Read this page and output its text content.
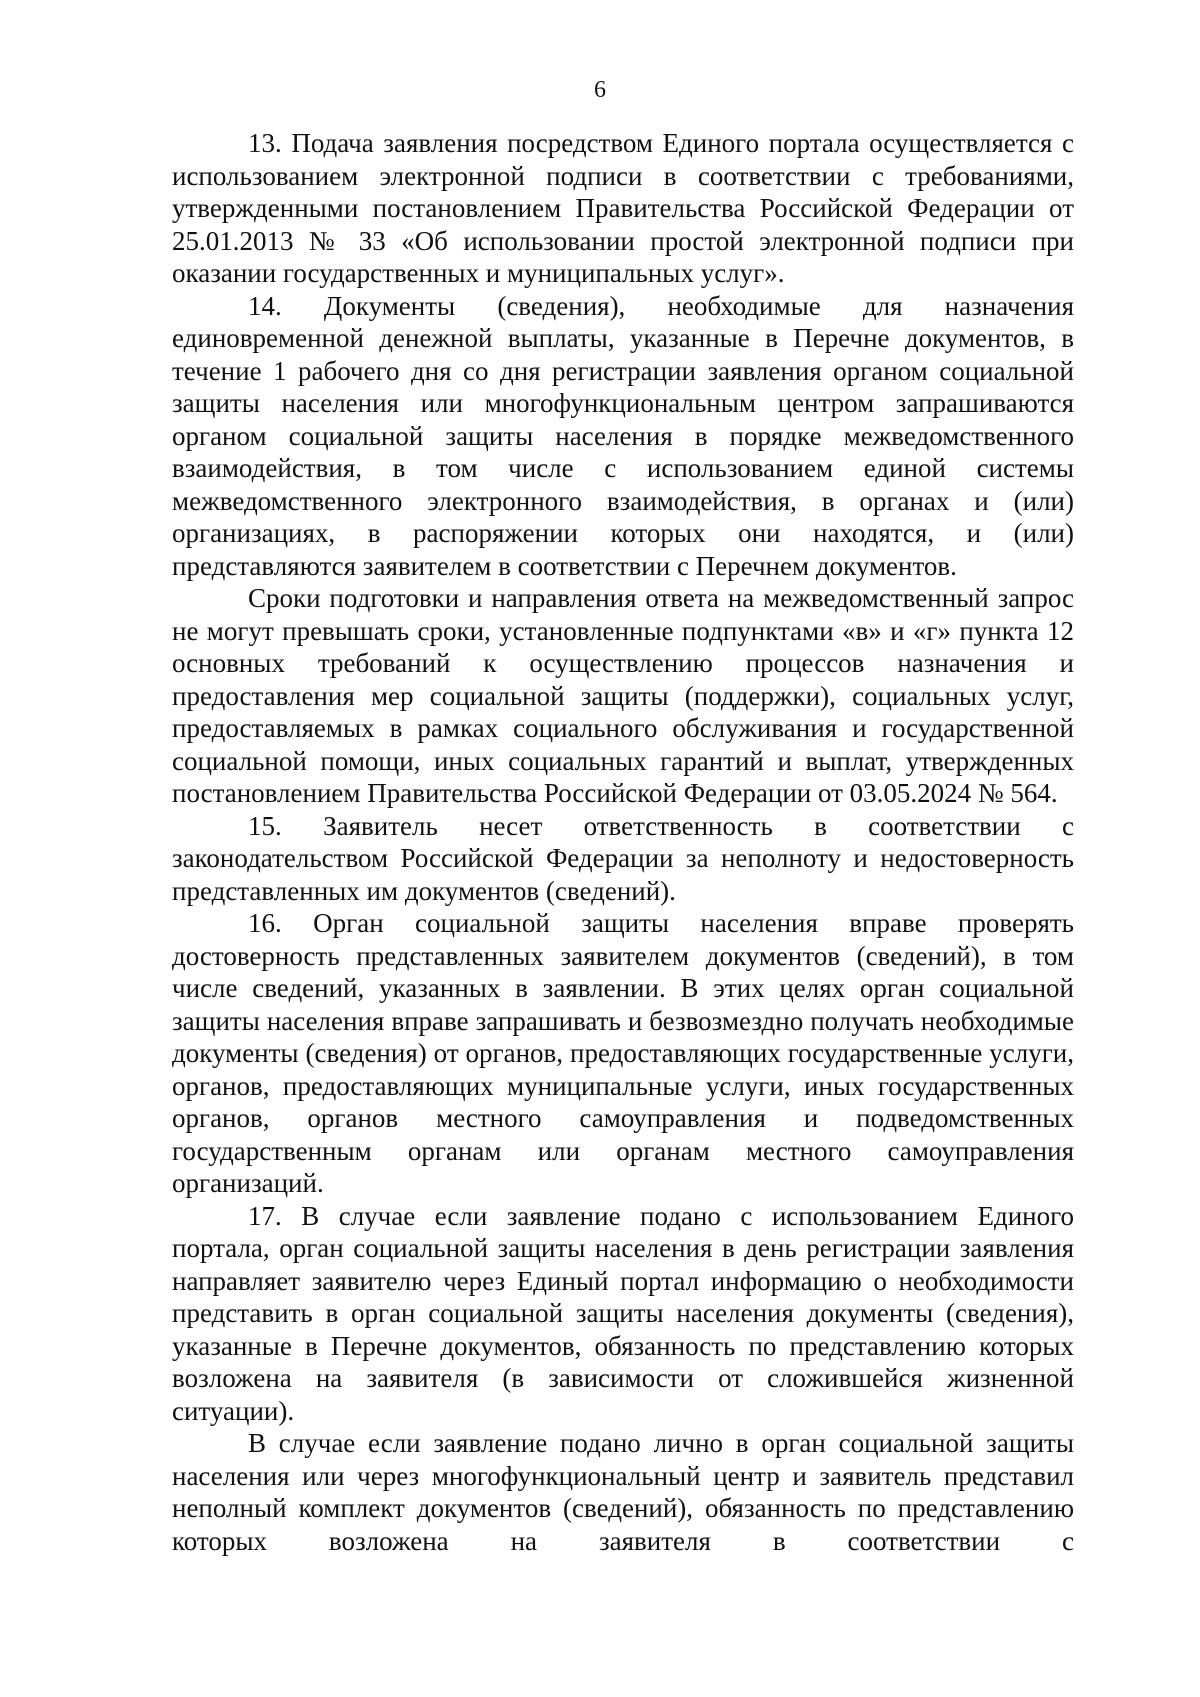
6

13. Подача заявления посредством Единого портала осуществляется с использованием электронной подписи в соответствии с требованиями, утвержденными постановлением Правительства Российской Федерации от 25.01.2013 № 33 «Об использовании простой электронной подписи при оказании государственных и муниципальных услуг».

14. Документы (сведения), необходимые для назначения единовременной денежной выплаты, указанные в Перечне документов, в течение 1 рабочего дня со дня регистрации заявления органом социальной защиты населения или многофункциональным центром запрашиваются органом социальной защиты населения в порядке межведомственного взаимодействия, в том числе с использованием единой системы межведомственного электронного взаимодействия, в органах и (или) организациях, в распоряжении которых они находятся, и (или) представляются заявителем в соответствии с Перечнем документов.

Сроки подготовки и направления ответа на межведомственный запрос не могут превышать сроки, установленные подпунктами «в» и «г» пункта 12 основных требований к осуществлению процессов назначения и предоставления мер социальной защиты (поддержки), социальных услуг, предоставляемых в рамках социального обслуживания и государственной социальной помощи, иных социальных гарантий и выплат, утвержденных постановлением Правительства Российской Федерации от 03.05.2024 № 564.

15. Заявитель несет ответственность в соответствии с законодательством Российской Федерации за неполноту и недостоверность представленных им документов (сведений).

16. Орган социальной защиты населения вправе проверять достоверность представленных заявителем документов (сведений), в том числе сведений, указанных в заявлении. В этих целях орган социальной защиты населения вправе запрашивать и безвозмездно получать необходимые документы (сведения) от органов, предоставляющих государственные услуги, органов, предоставляющих муниципальные услуги, иных государственных органов, органов местного самоуправления и подведомственных государственным органам или органам местного самоуправления организаций.

17. В случае если заявление подано с использованием Единого портала, орган социальной защиты населения в день регистрации заявления направляет заявителю через Единый портал информацию о необходимости представить в орган социальной защиты населения документы (сведения), указанные в Перечне документов, обязанность по представлению которых возложена на заявителя (в зависимости от сложившейся жизненной ситуации).

В случае если заявление подано лично в орган социальной защиты населения или через многофункциональный центр и заявитель представил неполный комплект документов (сведений), обязанность по представлению которых возложена на заявителя в соответствии с
